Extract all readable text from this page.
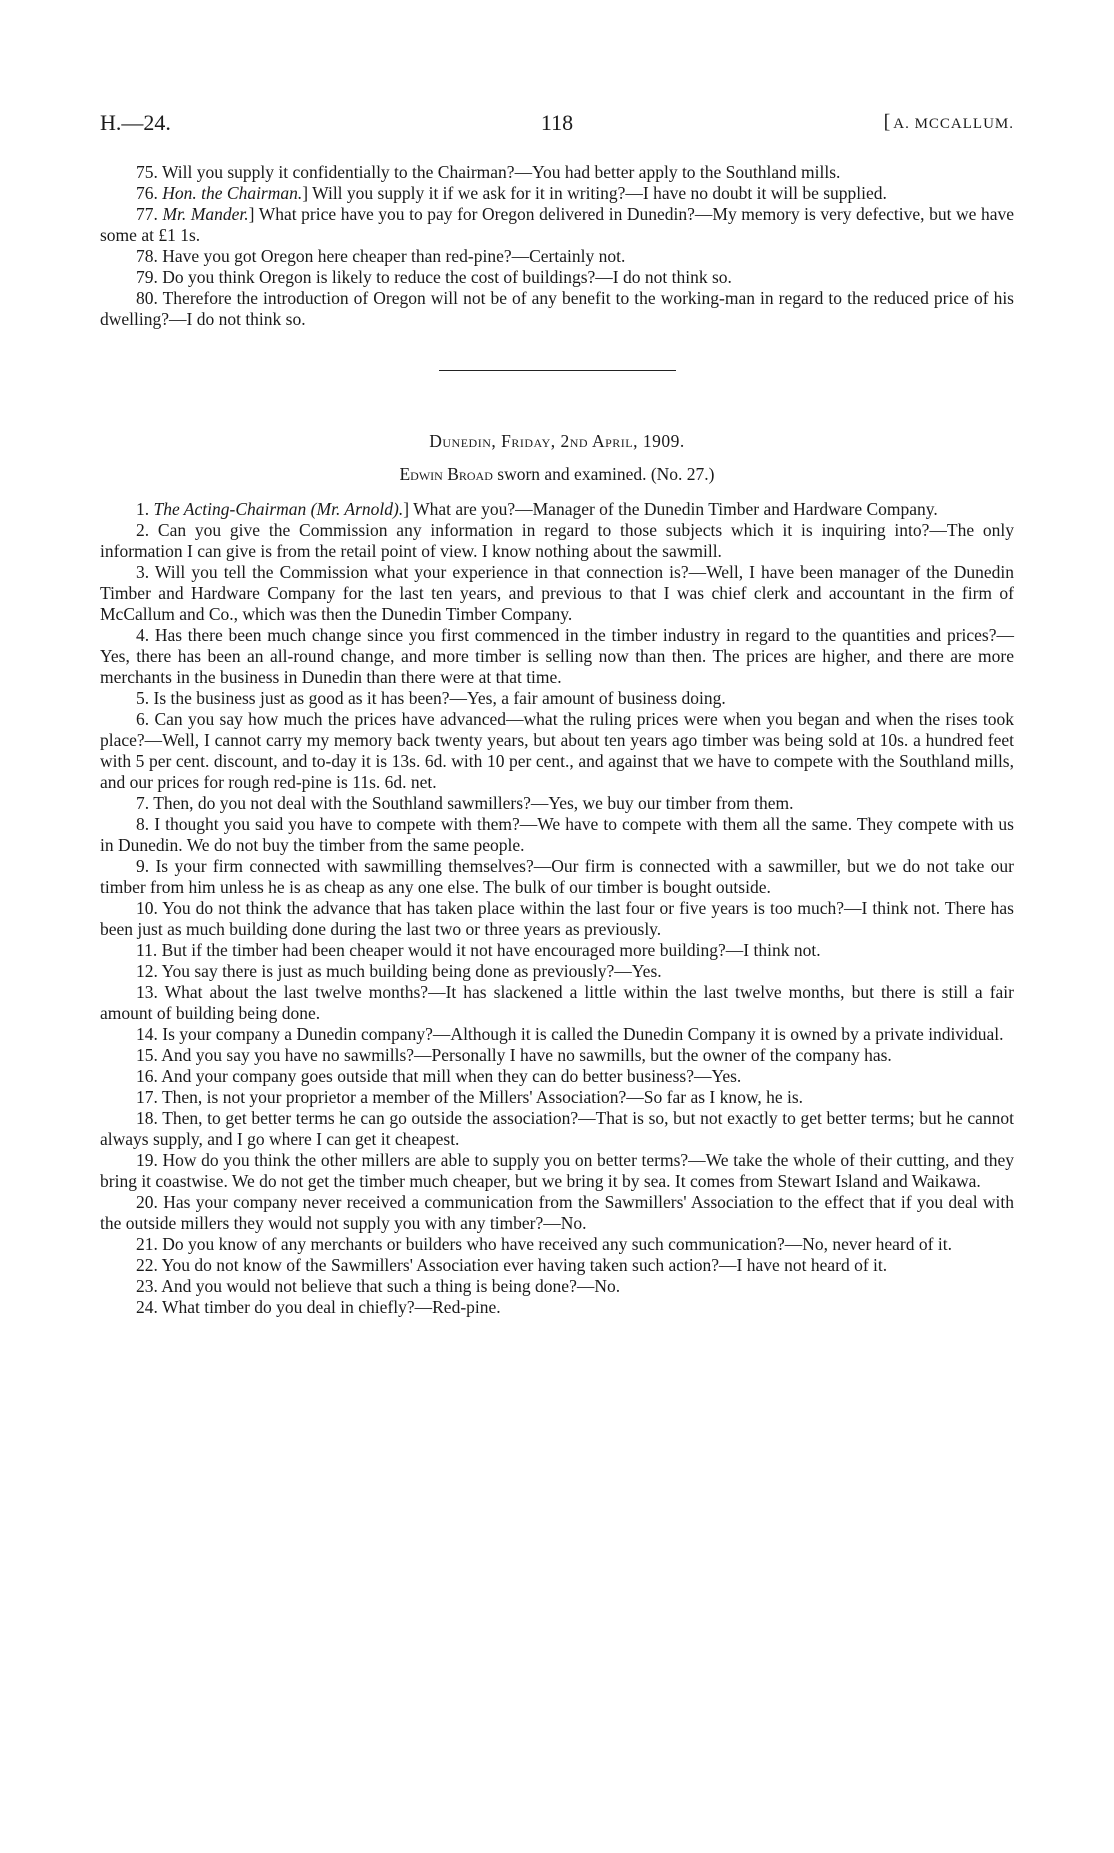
H.—24.	118	[ A. MCCALLUM.

75. Will you supply it confidentially to the Chairman?—You had better apply to the Southland mills.

76. Hon. the Chairman.] Will you supply it if we ask for it in writing?—I have no doubt it will be supplied.

77. Mr. Mander.] What price have you to pay for Oregon delivered in Dunedin?—My memory is very defective, but we have some at £1 1s.

78. Have you got Oregon here cheaper than red-pine?—Certainly not.

79. Do you think Oregon is likely to reduce the cost of buildings?—I do not think so.

80. Therefore the introduction of Oregon will not be of any benefit to the working-man in regard to the reduced price of his dwelling?—I do not think so.

Dunedin, Friday, 2nd April, 1909.
Edwin Broad sworn and examined. (No. 27.)

1. The Acting-Chairman (Mr. Arnold).] What are you?—Manager of the Dunedin Timber and Hardware Company.

2. Can you give the Commission any information in regard to those subjects which it is inquiring into?—The only information I can give is from the retail point of view. I know nothing about the sawmill.

3. Will you tell the Commission what your experience in that connection is?—Well, I have been manager of the Dunedin Timber and Hardware Company for the last ten years, and previous to that I was chief clerk and accountant in the firm of McCallum and Co., which was then the Dunedin Timber Company.

4. Has there been much change since you first commenced in the timber industry in regard to the quantities and prices?—Yes, there has been an all-round change, and more timber is selling now than then. The prices are higher, and there are more merchants in the business in Dunedin than there were at that time.

5. Is the business just as good as it has been?—Yes, a fair amount of business doing.

6. Can you say how much the prices have advanced—what the ruling prices were when you began and when the rises took place?—Well, I cannot carry my memory back twenty years, but about ten years ago timber was being sold at 10s. a hundred feet with 5 per cent. discount, and to-day it is 13s. 6d. with 10 per cent., and against that we have to compete with the Southland mills, and our prices for rough red-pine is 11s. 6d. net.

7. Then, do you not deal with the Southland sawmillers?—Yes, we buy our timber from them.

8. I thought you said you have to compete with them?—We have to compete with them all the same. They compete with us in Dunedin. We do not buy the timber from the same people.

9. Is your firm connected with sawmilling themselves?—Our firm is connected with a sawmiller, but we do not take our timber from him unless he is as cheap as any one else. The bulk of our timber is bought outside.

10. You do not think the advance that has taken place within the last four or five years is too much?—I think not. There has been just as much building done during the last two or three years as previously.

11. But if the timber had been cheaper would it not have encouraged more building?—I think not.

12. You say there is just as much building being done as previously?—Yes.

13. What about the last twelve months?—It has slackened a little within the last twelve months, but there is still a fair amount of building being done.

14. Is your company a Dunedin company?—Although it is called the Dunedin Company it is owned by a private individual.

15. And you say you have no sawmills?—Personally I have no sawmills, but the owner of the company has.

16. And your company goes outside that mill when they can do better business?—Yes.

17. Then, is not your proprietor a member of the Millers' Association?—So far as I know, he is.

18. Then, to get better terms he can go outside the association?—That is so, but not exactly to get better terms; but he cannot always supply, and I go where I can get it cheapest.

19. How do you think the other millers are able to supply you on better terms?—We take the whole of their cutting, and they bring it coastwise. We do not get the timber much cheaper, but we bring it by sea. It comes from Stewart Island and Waikawa.

20. Has your company never received a communication from the Sawmillers' Association to the effect that if you deal with the outside millers they would not supply you with any timber?—No.

21. Do you know of any merchants or builders who have received any such communication?—No, never heard of it.

22. You do not know of the Sawmillers' Association ever having taken such action?—I have not heard of it.

23. And you would not believe that such a thing is being done?—No.

24. What timber do you deal in chiefly?—Red-pine.
